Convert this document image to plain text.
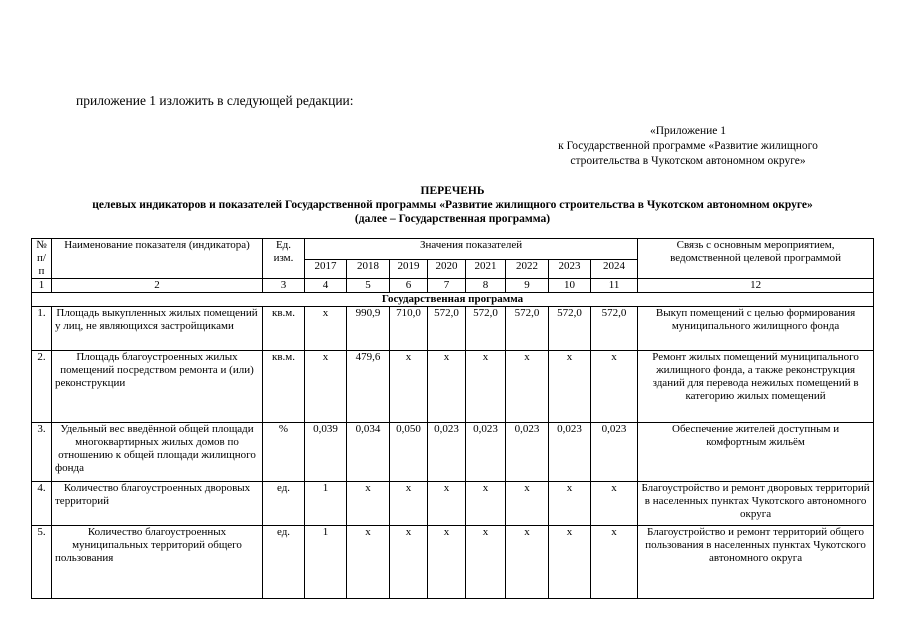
приложение 1 изложить в следующей редакции:
«Приложение 1
к Государственной программе «Развитие жилищного
строительства в Чукотском автономном округе»
ПЕРЕЧЕНЬ
целевых индикаторов и показателей Государственной программы «Развитие жилищного строительства в Чукотском автономном округе»
(далее – Государственная программа)
№ п/п	Наименование показателя (индикатора)	Ед. изм.	Значения показателей								Связь с основным мероприятием, ведомственной целевой программой
			2017	2018	2019	2020	2021	2022	2023	2024	
1	2	3	4	5	6	7	8	9	10	11	12
Государственная программа											
1.	Площадь выкупленных жилых помещений у лиц, не являющихся застройщиками	кв.м.	х	990,9	710,0	572,0	572,0	572,0	572,0	572,0	Выкуп помещений с целью формирования муниципального жилищного фонда
2.	Площадь благоустроенных жилых помещений посредством ремонта и (или) реконструкции	кв.м.	х	479,6	х	х	х	х	х	х	Ремонт жилых помещений муниципального жилищного фонда, а также реконструкция зданий для перевода нежилых помещений в категорию жилых помещений
3.	Удельный вес введённой общей площади многоквартирных жилых домов по отношению к общей площади жилищного фонда	%	0,039	0,034	0,050	0,023	0,023	0,023	0,023	0,023	Обеспечение жителей доступным и комфортным жильём
4.	Количество благоустроенных дворовых территорий	ед.	1	х	х	х	х	х	х	х	Благоустройство и ремонт дворовых территорий в населенных пунктах Чукотского автономного округа
5.	Количество благоустроенных муниципальных территорий общего пользования	ед.	1	х	х	х	х	х	х	х	Благоустройство и ремонт территорий общего пользования в населенных пунктах Чукотского автономного округа
